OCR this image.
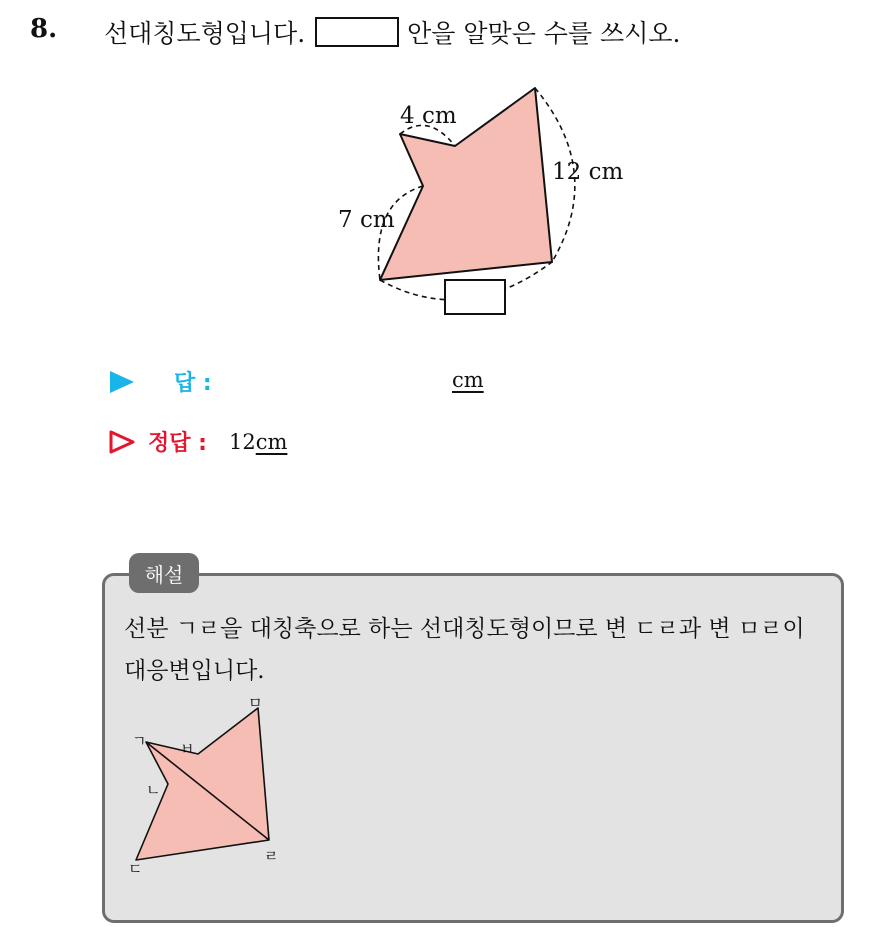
8. 선대칭도형입니다.	안을 알맞은 수를 쓰시오.
4 cm
7 cm
12 cm
답 :	cm
정답 : 12 cm
해설
선분 ㄱㄹ을 대칭축으로 하는 선대칭도형이므로 변 ㄷㄹ과 변 ㅁㄹ이 대응변입니다.
ㄱ ㅂ
ㅁ
ㄴ
ㄷ
ㄹ
